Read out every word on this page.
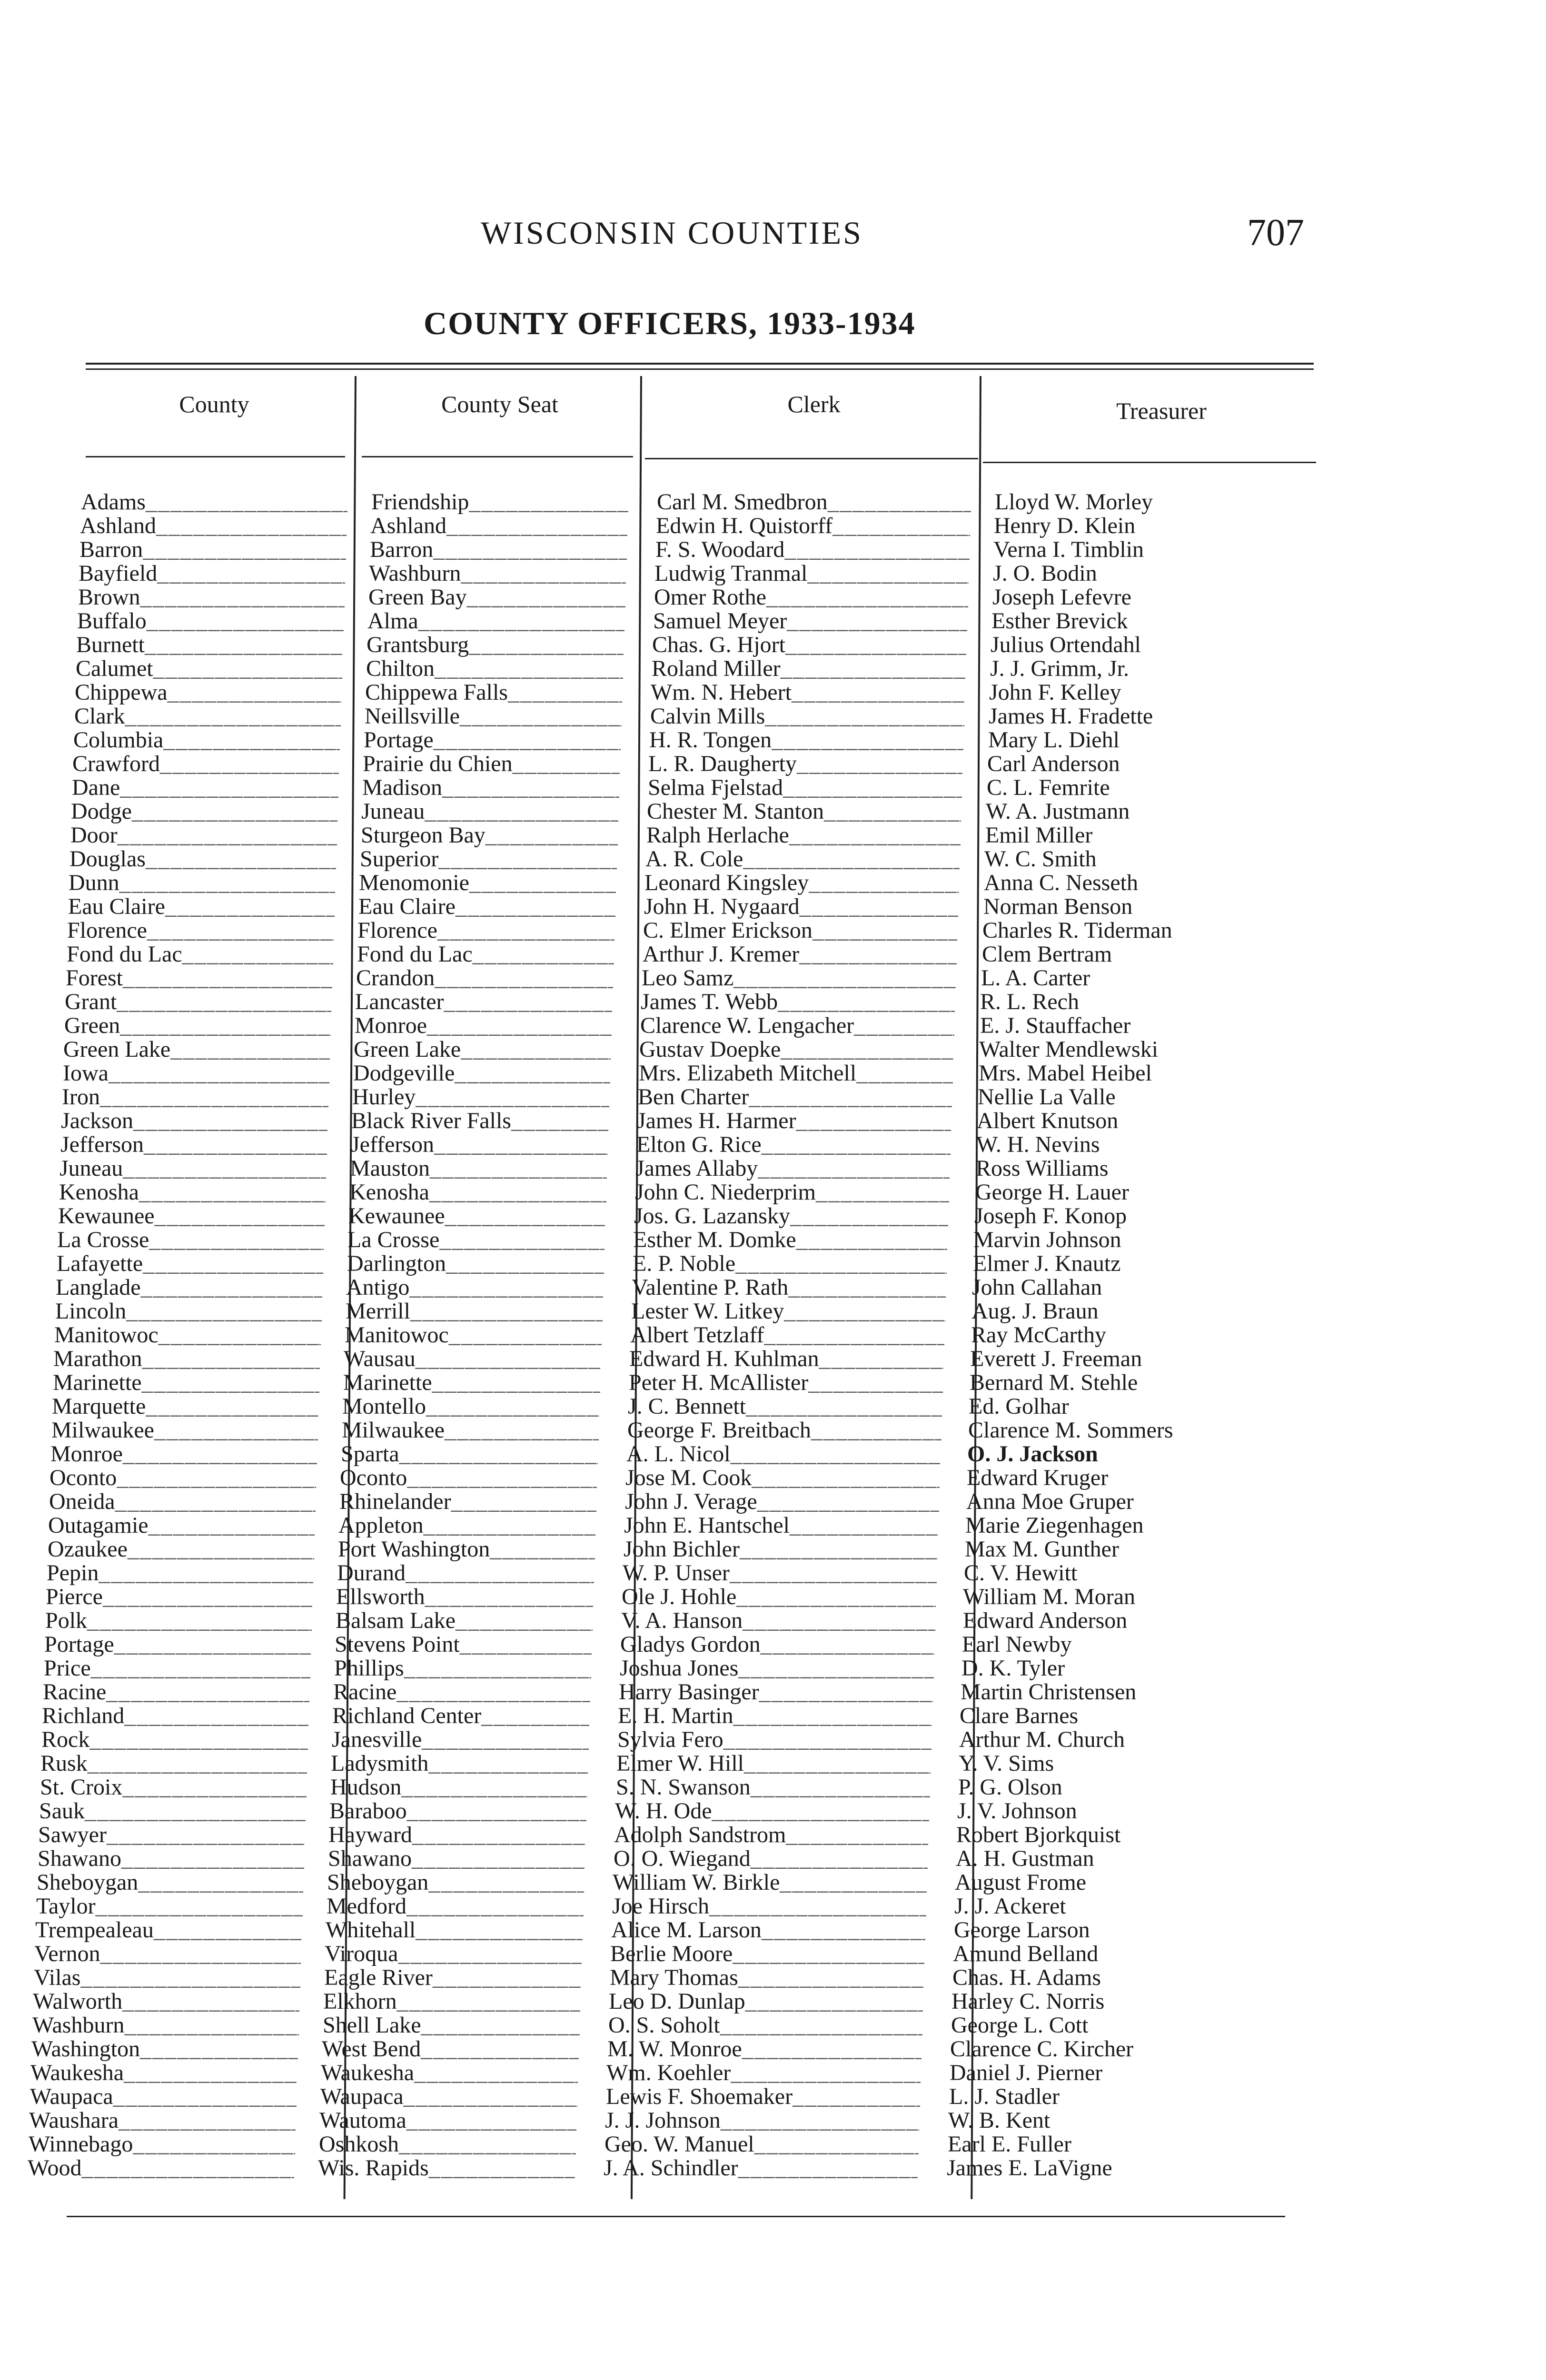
WISCONSIN COUNTIES	707
COUNTY OFFICERS, 1933-1934
County	County Seat	Clerk	Treasurer
Adams _____	Friendship _____	Carl M. Smedbron _____	Lloyd W. Morley
Ashland _____	Ashland _____	Edwin H. Quistorff _____	Henry D. Klein
Barron _____	Barron _____	F. S. Woodard _____	Verna I. Timblin
Bayfield _____	Washburn _____	Ludwig Tranmal _____	J. O. Bodin
Brown _____	Green Bay _____	Omer Rothe _____	Joseph Lefevre
Buffalo _____	Alma _____	Samuel Meyer _____	Esther Brevick
Burnett _____	Grantsburg _____	Chas. G. Hjort _____	Julius Ortendahl
Calumet _____	Chilton _____	Roland Miller _____	J. J. Grimm, Jr.
Chippewa _____	Chippewa Falls _____	Wm. N. Hebert _____	John F. Kelley
Clark _____	Neillsville _____	Calvin Mills _____	James H. Fradette
Columbia _____	Portage _____	H. R. Tongen _____	Mary L. Diehl
Crawford _____	Prairie du Chien _____	L. R. Daugherty _____	Carl Anderson
Dane _____	Madison _____	Selma Fjelstad _____	C. L. Femrite
Dodge _____	Juneau _____	Chester M. Stanton _____	W. A. Justmann
Door _____	Sturgeon Bay _____	Ralph Herlache _____	Emil Miller
Douglas _____	Superior _____	A. R. Cole _____	W. C. Smith
Dunn _____	Menomonie _____	Leonard Kingsley _____	Anna C. Nesseth
Eau Claire _____	Eau Claire _____	John H. Nygaard _____	Norman Benson
Florence _____	Florence _____	C. Elmer Erickson _____	Charles R. Tiderman
Fond du Lac _____	Fond du Lac _____	Arthur J. Kremer _____	Clem Bertram
Forest _____	Crandon _____	Leo Samz _____	L. A. Carter
Grant _____	Lancaster _____	James T. Webb _____	R. L. Rech
Green _____	Monroe _____	Clarence W. Lengacher _____	E. J. Stauffacher
Green Lake _____	Green Lake _____	Gustav Doepke _____	Walter Mendlewski
Iowa _____	Dodgeville _____	Mrs. Elizabeth Mitchell _____	Mrs. Mabel Heibel
Iron _____	Hurley _____	Ben Charter _____	Nellie La Valle
Jackson _____	Black River Falls _____	James H. Harmer _____	Albert Knutson
Jefferson _____	Jefferson _____	Elton G. Rice _____	W. H. Nevins
Juneau _____	Mauston _____	James Allaby _____	Ross Williams
Kenosha _____	Kenosha _____	John C. Niederprim _____	George H. Lauer
Kewaunee _____	Kewaunee _____	Jos. G. Lazansky _____	Joseph F. Konop
La Crosse _____	La Crosse _____	Esther M. Domke _____	Marvin Johnson
Lafayette _____	Darlington _____	E. P. Noble _____	Elmer J. Knautz
Langlade _____	Antigo _____	Valentine P. Rath _____	John Callahan
Lincoln _____	Merrill _____	Lester W. Litkey _____	Aug. J. Braun
Manitowoc _____	Manitowoc _____	Albert Tetzlaff _____	Ray McCarthy
Marathon _____	Wausau _____	Edward H. Kuhlman _____	Everett J. Freeman
Marinette _____	Marinette _____	Peter H. McAllister _____	Bernard M. Stehle
Marquette _____	Montello _____	J. C. Bennett _____	Ed. Golhar
Milwaukee _____	Milwaukee _____	George F. Breitbach _____	Clarence M. Sommers
Monroe _____	Sparta _____	A. L. Nicol _____	O. J. Jackson
Oconto _____	Oconto _____	Jose M. Cook _____	Edward Kruger
Oneida _____	Rhinelander _____	John J. Verage _____	Anna Moe Gruper
Outagamie _____	Appleton _____	John E. Hantschel _____	Marie Ziegenhagen
Ozaukee _____	Port Washington _____	John Bichler _____	Max M. Gunther
Pepin _____	Durand _____	W. P. Unser _____	C. V. Hewitt
Pierce _____	Ellsworth _____	Ole J. Hohle _____	William M. Moran
Polk _____	Balsam Lake _____	V. A. Hanson _____	Edward Anderson
Portage _____	Stevens Point _____	Gladys Gordon _____	Earl Newby
Price _____	Phillips _____	Joshua Jones _____	D. K. Tyler
Racine _____	Racine _____	Harry Basinger _____	Martin Christensen
Richland _____	Richland Center _____	E. H. Martin _____	Clare Barnes
Rock _____	Janesville _____	Sylvia Fero _____	Arthur M. Church
Rusk _____	Ladysmith _____	Elmer W. Hill _____	Y. V. Sims
St. Croix _____	Hudson _____	S. N. Swanson _____	P. G. Olson
Sauk _____	Baraboo _____	W. H. Ode _____	J. V. Johnson
Sawyer _____	Hayward _____	Adolph Sandstrom _____	Robert Bjorkquist
Shawano _____	Shawano _____	O. O. Wiegand _____	A. H. Gustman
Sheboygan _____	Sheboygan _____	William W. Birkle _____	August Frome
Taylor _____	Medford _____	Joe Hirsch _____	J. J. Ackeret
Trempealeau _____	Whitehall _____	Alice M. Larson _____	George Larson
Vernon _____	Viroqua _____	Berlie Moore _____	Amund Belland
Vilas _____	Eagle River _____	Mary Thomas _____	Chas. H. Adams
Walworth _____	Elkhorn _____	Leo D. Dunlap _____	Harley C. Norris
Washburn _____	Shell Lake _____	O. S. Soholt _____	George L. Cott
Washington _____	West Bend _____	M. W. Monroe _____	Clarence C. Kircher
Waukesha _____	Waukesha _____	Wm. Koehler _____	Daniel J. Pierner
Waupaca _____	Waupaca _____	Lewis F. Shoemaker _____	L. J. Stadler
Waushara _____	Wautoma _____	J. J. Johnson _____	W. B. Kent
Winnebago _____	Oshkosh _____	Geo. W. Manuel _____	Earl E. Fuller
Wood _____	Wis. Rapids _____	J. A. Schindler _____	James E. LaVigne
